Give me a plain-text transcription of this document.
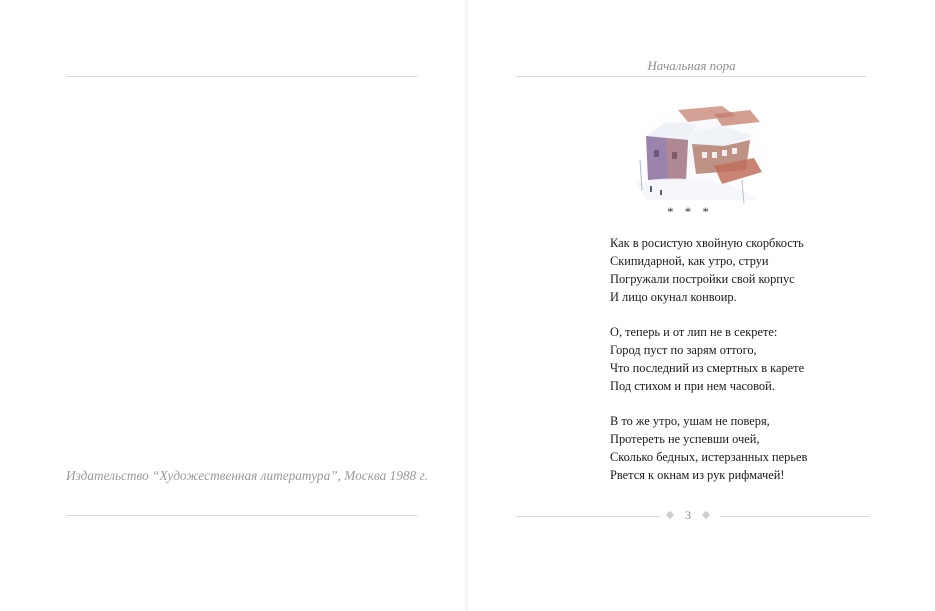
Издательство “Художественная литература”, Москва 1988 г.
Начальная пора
* * *
Как в росистую хвойную скорбкость
Скипидарной, как утро, струи
Погружали постройки свой корпус
И лицо окунал конвоир.
О, теперь и от лип не в секрете:
Город пуст по зарям оттого,
Что последний из смертных в карете
Под стихом и при нем часовой.
В то же утро, ушам не поверя,
Протереть не успевши очей,
Сколько бедных, истерзанных перьев
Рвется к окнам из рук рифмачей!
3
